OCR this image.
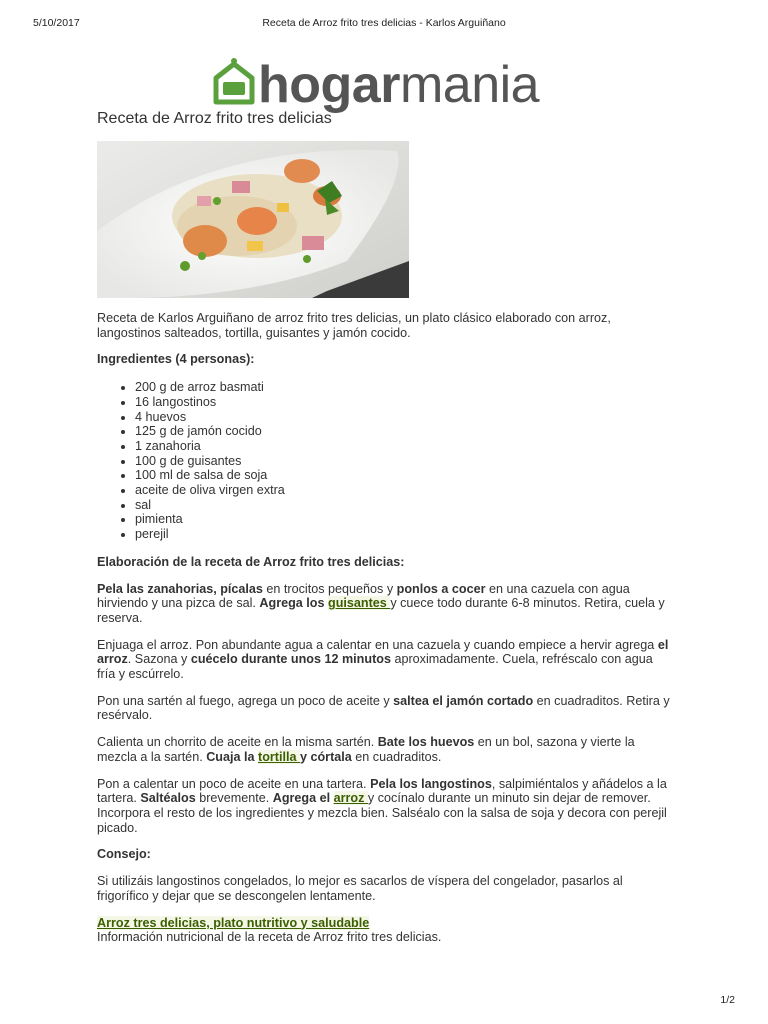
5/10/2017	Receta de Arroz frito tres delicias - Karlos Arguiñano
hogarmania
Receta de Arroz frito tres delicias

Receta de Karlos Arguiñano de arroz frito tres delicias, un plato clásico elaborado con arroz, langostinos salteados, tortilla, guisantes y jamón cocido.

Ingredientes (4 personas):

• 200 g de arroz basmati
• 16 langostinos
• 4 huevos
• 125 g de jamón cocido
• 1 zanahoria
• 100 g de guisantes
• 100 ml de salsa de soja
• aceite de oliva virgen extra
• sal
• pimienta
• perejil

Elaboración de la receta de Arroz frito tres delicias:

Pela las zanahorias, pícalas en trocitos pequeños y ponlos a cocer en una cazuela con agua hirviendo y una pizca de sal. Agrega los guisantes y cuece todo durante 6-8 minutos. Retira, cuela y reserva.

Enjuaga el arroz. Pon abundante agua a calentar en una cazuela y cuando empiece a hervir agrega el arroz. Sazona y cuécelo durante unos 12 minutos aproximadamente. Cuela, refréscalo con agua fría y escúrrelo.

Pon una sartén al fuego, agrega un poco de aceite y saltea el jamón cortado en cuadraditos. Retira y resérvalo.

Calienta un chorrito de aceite en la misma sartén. Bate los huevos en un bol, sazona y vierte la mezcla a la sartén. Cuaja la tortilla y córtala en cuadraditos.

Pon a calentar un poco de aceite en una tartera. Pela los langostinos, salpimiéntalos y añádelos a la tartera. Saltéalos brevemente. Agrega el arroz y cocínalo durante un minuto sin dejar de remover. Incorpora el resto de los ingredientes y mezcla bien. Salséalo con la salsa de soja y decora con perejil picado.

Consejo:

Si utilizáis langostinos congelados, lo mejor es sacarlos de víspera del congelador, pasarlos al frigorífico y dejar que se descongelen lentamente.

Arroz tres delicias, plato nutritivo y saludable

Información nutricional de la receta de Arroz frito tres delicias.

1/2
